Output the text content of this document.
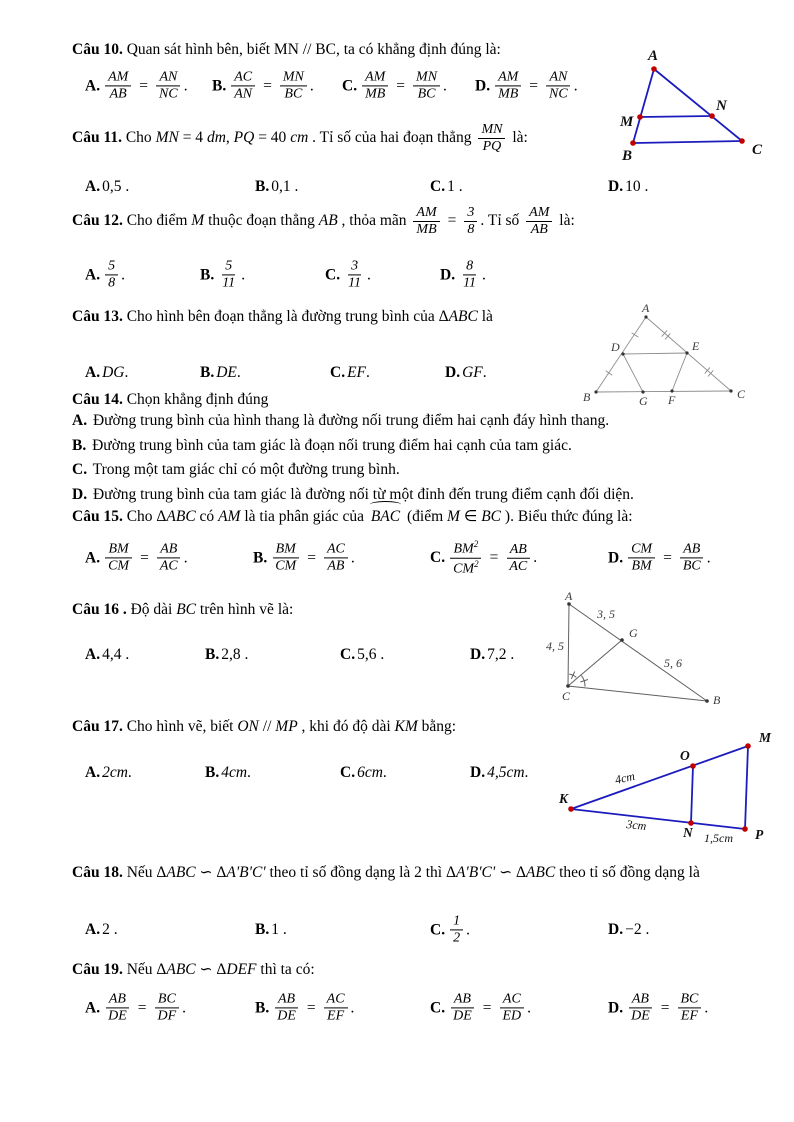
Câu 10. Quan sát hình bên, biết MN // BC, ta có khẳng định đúng là:

A. $\frac{AM}{AB} = \frac{AN}{NC}$ . B. $\frac{AC}{AN} = \frac{MN}{BC}$ . C. $\frac{AM}{MB} = \frac{MN}{BC}$ . D. $\frac{AM}{MB} = \frac{AN}{NC}$ .

Câu 11. Cho MN = 4 dm, PQ = 40 cm . Tỉ số của hai đoạn thẳng $\frac{MN}{PQ}$ là:

A. 0,5 .	B. 0,1 .	C. 1 .	D. 10 .

Câu 12. Cho điểm M thuộc đoạn thẳng AB , thỏa mãn $\frac{AM}{MB} = \frac{3}{8}$ . Tỉ số $\frac{AM}{AB}$ là:

A. $\frac{5}{8}$ .	B. $\frac{5}{11}$ .	C. $\frac{3}{11}$ .	D. $\frac{8}{11}$ .

Câu 13. Cho hình bên đoạn thẳng là đường trung bình của ΔABC là

A. DG .	B. DE .	C. EF .	D. GF .

Câu 14. Chọn khẳng định đúng

A. Đường trung bình của hình thang là đường nối trung điểm hai cạnh đáy hình thang.

B. Đường trung bình của tam giác là đoạn nối trung điểm hai cạnh của tam giác.

C. Trong một tam giác chỉ có một đường trung bình.

D. Đường trung bình của tam giác là đường nối từ một đỉnh đến trung điểm cạnh đối diện.

Câu 15. Cho ΔABC có AM là tia phân giác của BAC (điểm M ∈ BC ). Biểu thức đúng là:

A. $\frac{BM}{CM} = \frac{AB}{AC}$ .	B. $\frac{BM}{CM} = \frac{AC}{AB}$ .	C. $\frac{BM^2}{CM^2} = \frac{AB}{AC}$ .	D. $\frac{CM}{BM} = \frac{AB}{BC}$ .

Câu 16 . Độ dài BC trên hình vẽ là:

A. 4,4 .	B. 2,8 .	C. 5,6 .	D. 7,2 .

Câu 17. Cho hình vẽ, biết ON // MP , khi đó độ dài KM bằng:

A. 2cm .	B. 4cm .	C. 6cm .	D. 4,5cm .

Câu 18. Nếu ΔABC ∽ ΔA'B'C' theo tỉ số đồng dạng là 2 thì ΔA'B'C' ∽ ΔABC theo tỉ số đồng dạng là

A. 2 .	B. 1 .	C. $\frac{1}{2}$ .	D. −2 .

Câu 19. Nếu ΔABC ∽ ΔDEF thì ta có:

A. $\frac{AB}{DE} = \frac{BC}{DF}$ .	B. $\frac{AB}{DE} = \frac{AC}{EF}$ .	C. $\frac{AB}{DE} = \frac{AC}{ED}$ .	D. $\frac{AB}{DE} = \frac{BC}{EF}$ .
A
M
B
N
C
A
D	E
B	G F	C
A
G
C	B
3, 5
4, 5
5, 6
K
M
O
N	P
4cm
3cm
1,5cm
